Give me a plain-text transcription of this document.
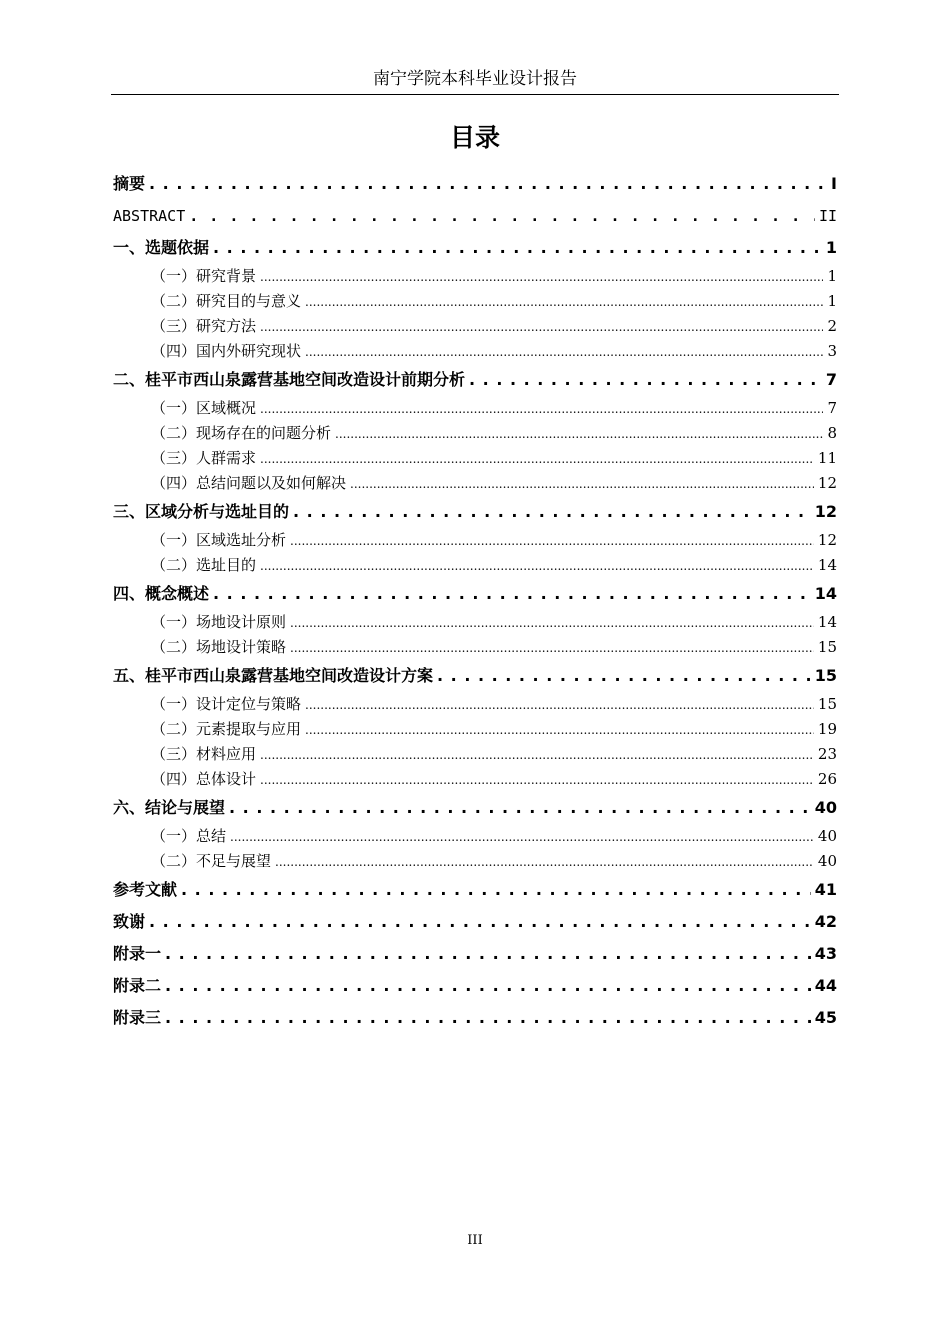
南宁学院本科毕业设计报告
目录
摘要 . . .	I
ABSTRACT . . .	II
一、选题依据 . . .	1
（一）研究背景 .....	1
（二）研究目的与意义 .....	1
（三）研究方法 .....	2
（四）国内外研究现状 .....	3
二、桂平市西山泉露营基地空间改造设计前期分析 . . .	7
（一）区域概况 .....	7
（二）现场存在的问题分析 .....	8
（三）人群需求 .....	11
（四）总结问题以及如何解决 .....	12
三、区域分析与选址目的 . . .	12
（一）区域选址分析 .....	12
（二）选址目的 .....	14
四、概念概述 . . .	14
（一）场地设计原则 .....	14
（二）场地设计策略 .....	15
五、桂平市西山泉露营基地空间改造设计方案 . . .	15
（一）设计定位与策略 .....	15
（二）元素提取与应用 .....	19
（三）材料应用 .....	23
（四）总体设计 .....	26
六、结论与展望 . . .	40
（一）总结 .....	40
（二）不足与展望 .....	40
参考文献 . . .	41
致谢 . . .	42
附录一 . . .	43
附录二 . . .	44
附录三 . . .	45
III
